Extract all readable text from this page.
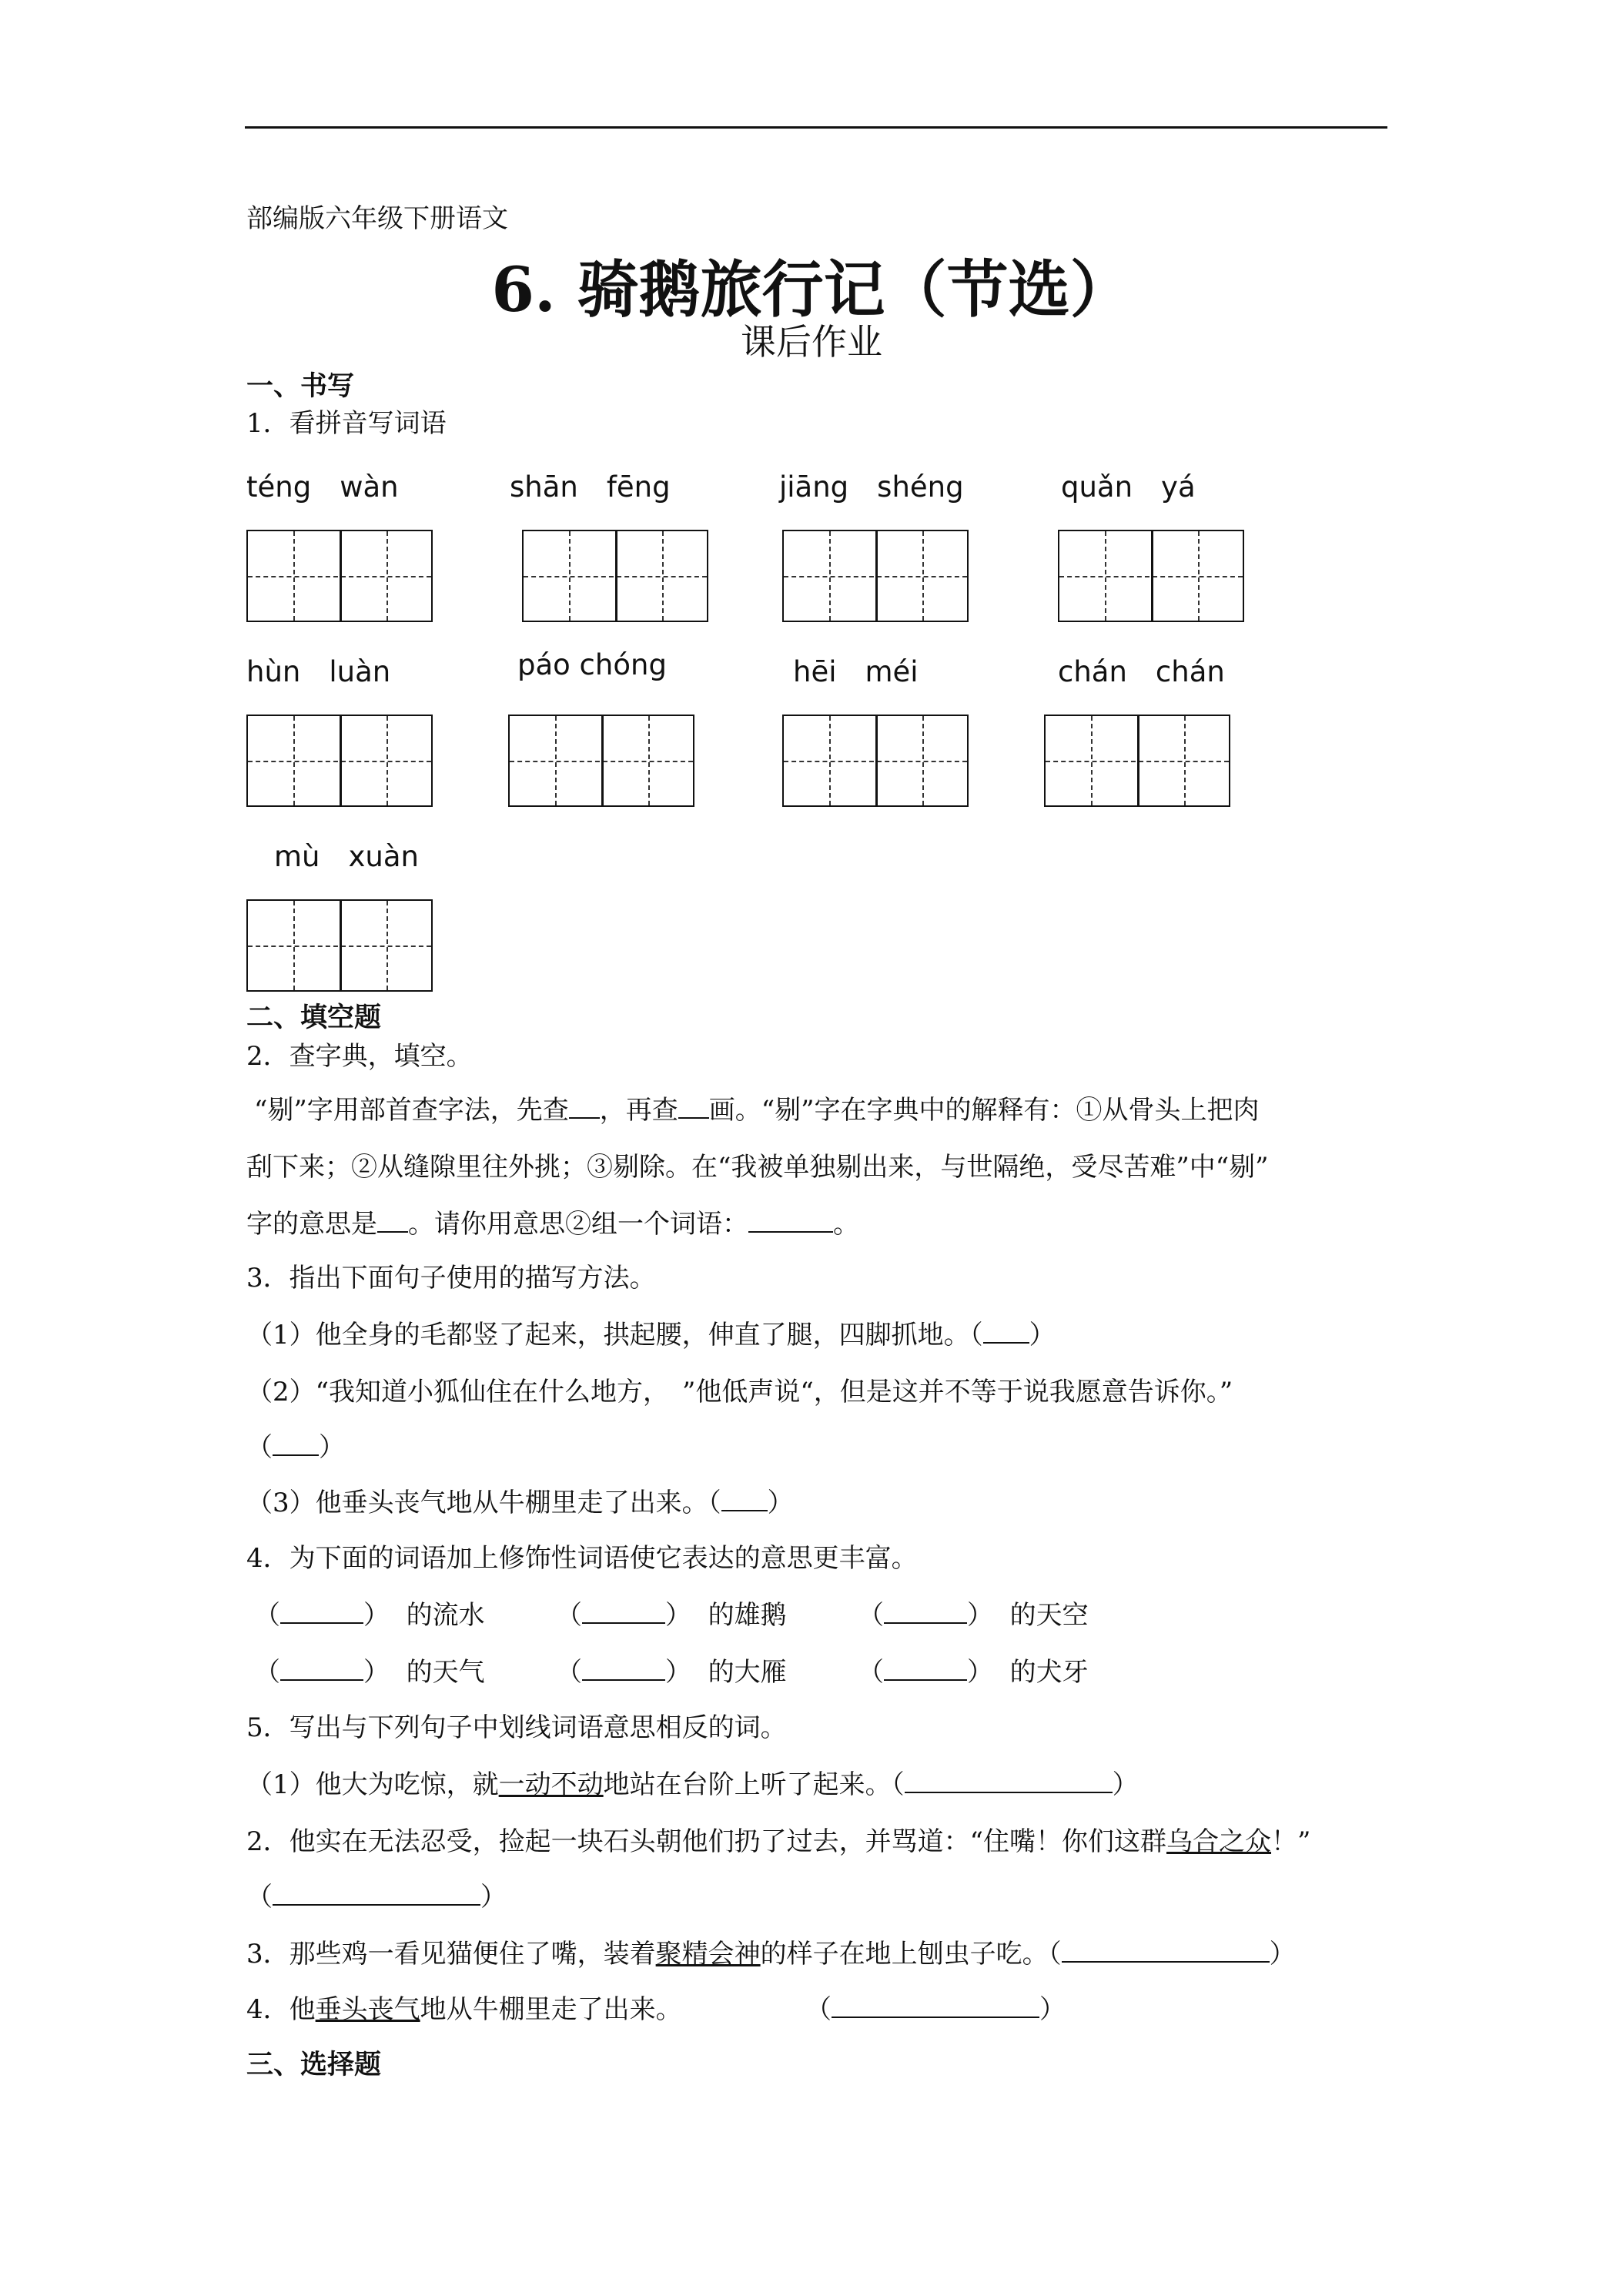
部编版六年级下册语文
6. 骑鹅旅行记（节选）
课后作业
一、书写
1．看拼音写词语
téng　wàn	shān　fēng	jiāng　shéng	quǎn　yá
hùn　luàn	páo chóng	hēi　méi	chán　chán
mù　xuàn
二、填空题
2．查字典，填空。
“剔”字用部首查字法，先查 ，再查 画。“剔”字在字典中的解释有：①从骨头上把肉
刮下来；②从缝隙里往外挑；③剔除。在“我被单独剔出来，与世隔绝，受尽苦难”中“剔”
字的意思是 。请你用意思②组一个词语：	。
3．指出下面句子使用的描写方法。
（1）他全身的毛都竖了起来，拱起腰，伸直了腿，四脚抓地。（ ）
（2）“我知道小狐仙住在什么地方，　”他低声说“，但是这并不等于说我愿意告诉你。”
（ ）
（3）他垂头丧气地从牛棚里走了出来。（ ）
4．为下面的词语加上修饰性词语使它表达的意思更丰富。
（	） 的流水	（	） 的雄鹅	（	） 的天空
（	） 的天气	（	） 的大雁	（	） 的犬牙
5．写出与下列句子中划线词语意思相反的词。
（1）他大为吃惊，就一动不动地站在台阶上听了起来。（	）
2．他实在无法忍受，捡起一块石头朝他们扔了过去，并骂道：“住嘴！你们这群乌合之众！”
（	）
3．那些鸡一看见猫便住了嘴，装着聚精会神的样子在地上刨虫子吃。（	）
4．他垂头丧气地从牛棚里走了出来。	（	）
三、选择题
